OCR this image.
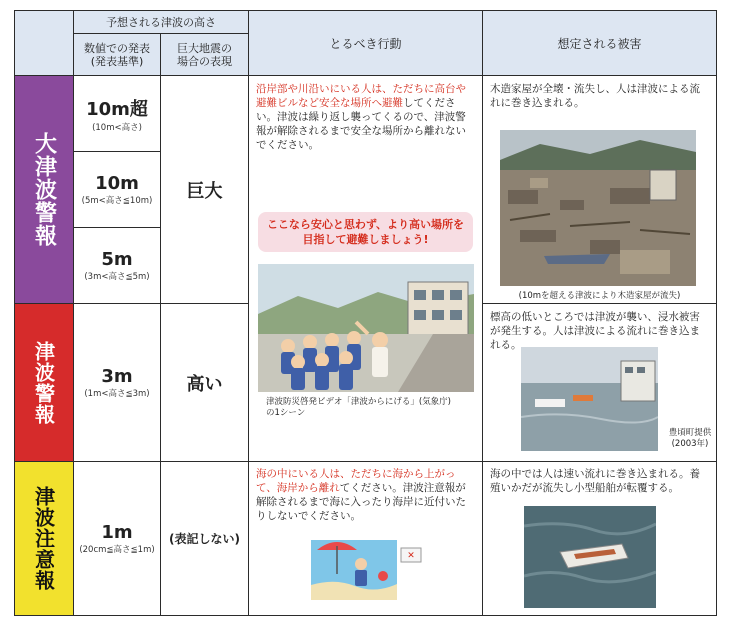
予想される津波の高さ
数値での発表
(発表基準)
巨大地震の
場合の表現
とるべき行動	想定される被害
大津波警報
津波警報
津波注意報
10m超
(10m<高さ)
10m
(5m<高さ≦10m)
5m
(3m<高さ≦5m)
3m
(1m<高さ≦3m)
1m
(20cm≦高さ≦1m)
巨大
高い
(表記しない)
沿岸部や川沿いにいる人は、ただちに高台や避難ビルなど安全な場所へ避難してください。津波は繰り返し襲ってくるので、津波警報が解除されるまで安全な場所から離れないでください。
ここなら安心と思わず、より高い場所を目指して避難しましょう!
津波防災啓発ビデオ「津波からにげる」(気象庁)
の1シーン
海の中にいる人は、ただちに海から上がって、海岸から離れてください。津波注意報が解除されるまで海に入ったり海岸に近付いたりしないでください。
✕
木造家屋が全壊・流失し、人は津波による流れに巻き込まれる。
(10mを超える津波により木造家屋が流失)
標高の低いところでは津波が襲い、浸水被害が発生する。人は津波による流れに巻き込まれる。
豊頃町提供
(2003年)
海の中では人は速い流れに巻き込まれる。養殖いかだが流失し小型船舶が転覆する。
